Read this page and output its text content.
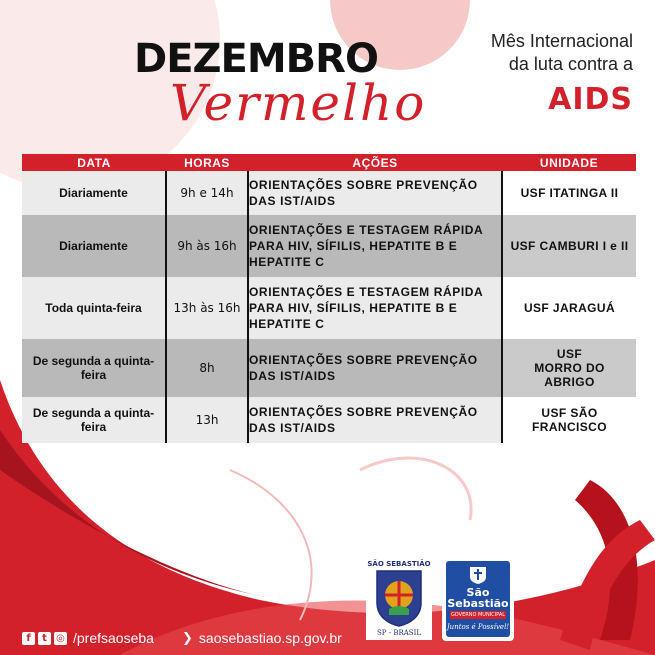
DEZEMBRO
Vermelho
Mês Internacional
da luta contra a
AIDS
DATA	HORAS	AÇÕES	UNIDADE
Diariamente	9h e 14h	ORIENTAÇÕES SOBRE PREVENÇÃO DAS IST/AIDS	USF ITATINGA II
Diariamente	9h às 16h	ORIENTAÇÕES E TESTAGEM RÁPIDA PARA HIV, SÍFILIS, HEPATITE B E HEPATITE C	USF CAMBURI I e II
Toda quinta-feira	13h às 16h	ORIENTAÇÕES E TESTAGEM RÁPIDA PARA HIV, SÍFILIS, HEPATITE B E HEPATITE C	USF JARAGUÁ
De segunda a quinta-feira	8h	ORIENTAÇÕES SOBRE PREVENÇÃO DAS IST/AIDS	USF MORRO DO ABRIGO
De segunda a quinta-feira	13h	ORIENTAÇÕES SOBRE PREVENÇÃO DAS IST/AIDS	USF SÃO FRANCISCO
SÃO SEBASTIÃO
SP - BRASIL
São
Sebastião
GOVERNO MUNICIPAL
Juntos é Possível!
f	t ◎ /prefsaoseba ❯ saosebastiao.sp.gov.br
